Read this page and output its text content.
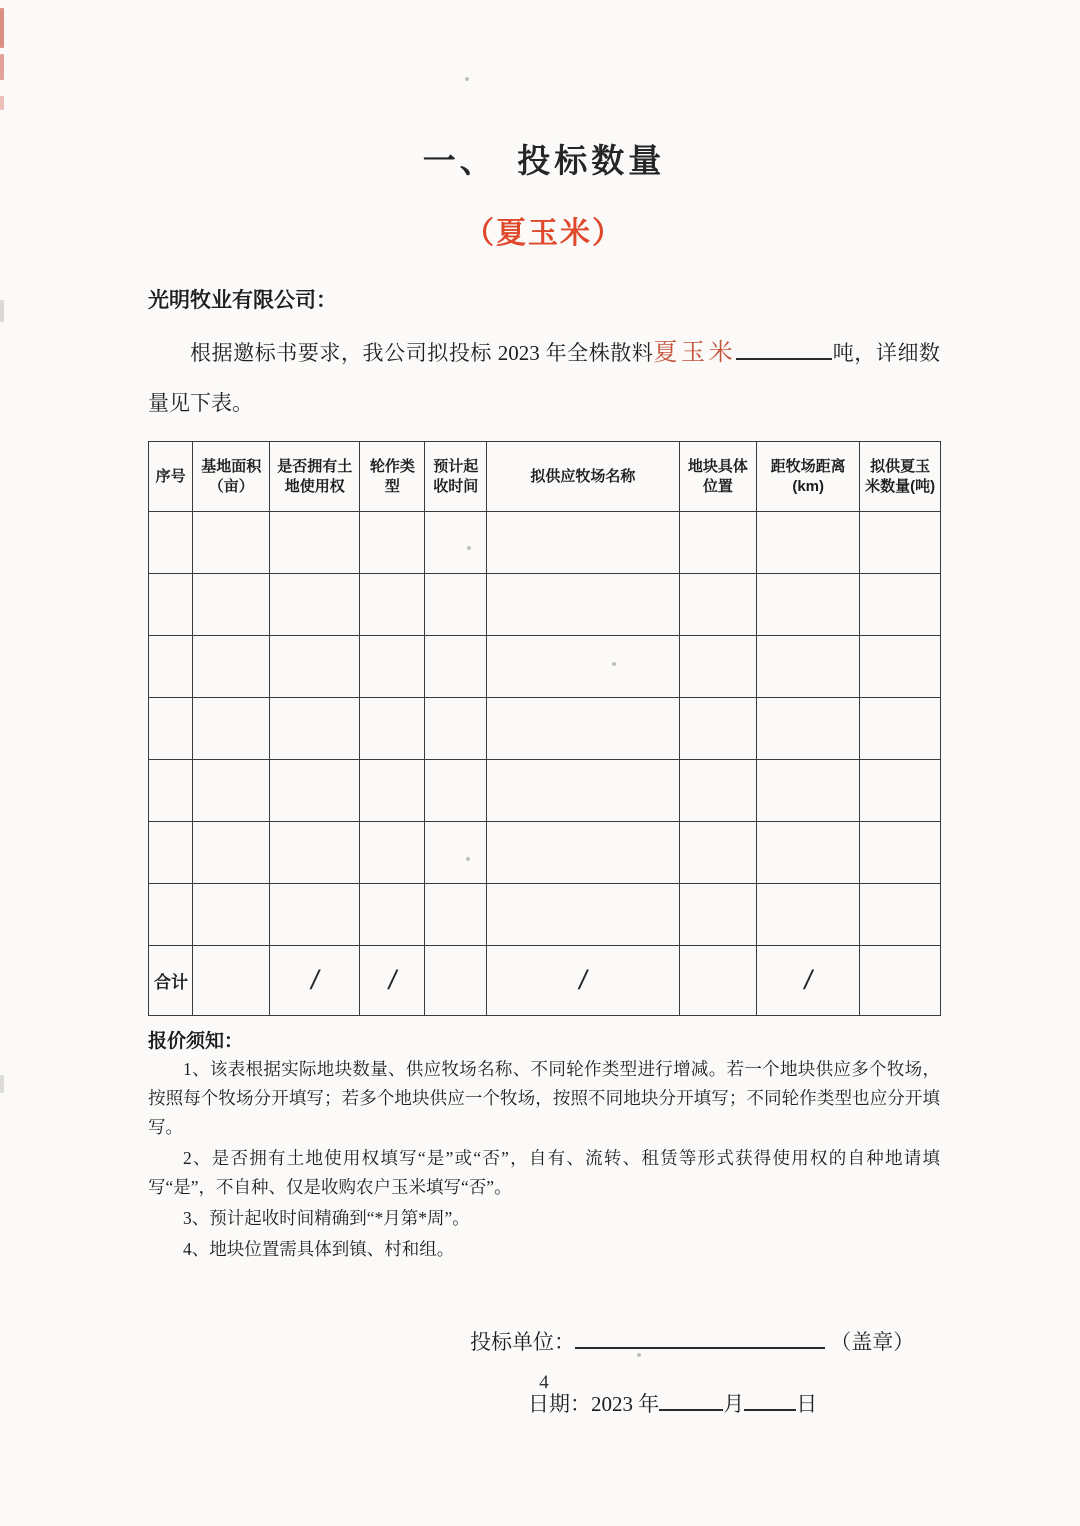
一、　投标数量
（夏玉米）

光明牧业有限公司：

根据邀标书要求，我公司拟投标 2023 年全株散料夏玉米	吨，详细数量见下表。

序号	基地面积（亩）	是否拥有土地使用权	轮作类型	预计起收时间	拟供应牧场名称	地块具体位置	距牧场距离(km)	拟供夏玉米数量(吨)

合计		/	/		/		/	

报价须知：

1、该表根据实际地块数量、供应牧场名称、不同轮作类型进行增减。若一个地块供应多个牧场，按照每个牧场分开填写；若多个地块供应一个牧场，按照不同地块分开填写；不同轮作类型也应分开填写。

2、是否拥有土地使用权填写“是”或“否”，自有、流转、租赁等形式获得使用权的自种地请填写“是”，不自种、仅是收购农户玉米填写“否”。

3、预计起收时间精确到“*月第*周”。

4、地块位置需具体到镇、村和组。

投标单位：	（盖章）
日期：2023 年	月 日
4
